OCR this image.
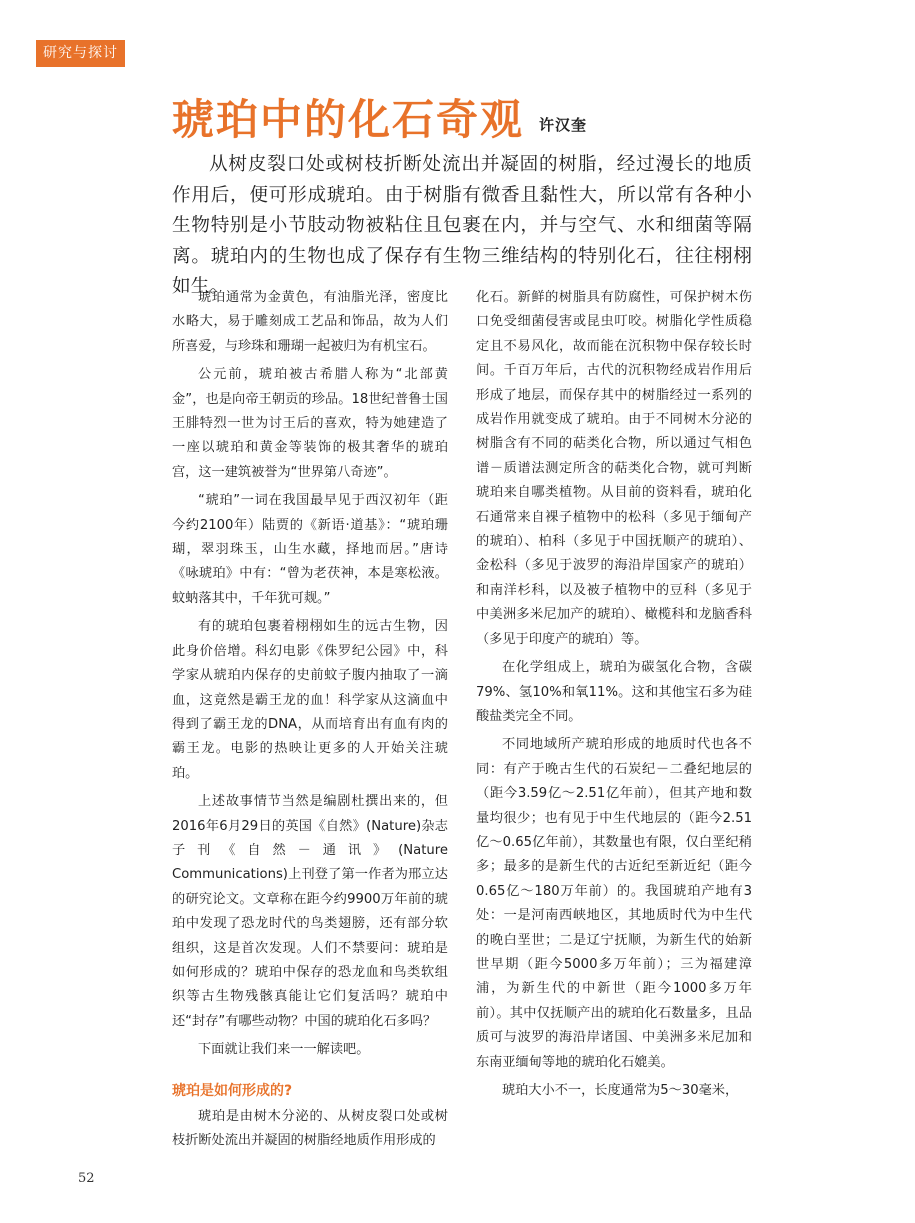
研究与探讨
琥珀中的化石奇观 许汉奎

从树皮裂口处或树枝折断处流出并凝固的树脂，经过漫长的地质作用后，便可形成琥珀。由于树脂有微香且黏性大，所以常有各种小生物特别是小节肢动物被粘住且包裹在内，并与空气、水和细菌等隔离。琥珀内的生物也成了保存有生物三维结构的特别化石，往往栩栩如生。

琥珀通常为金黄色，有油脂光泽，密度比水略大，易于雕刻成工艺品和饰品，故为人们所喜爱，与珍珠和珊瑚一起被归为有机宝石。

公元前，琥珀被古希腊人称为“北部黄金”，也是向帝王朝贡的珍品。18世纪普鲁士国王腓特烈一世为讨王后的喜欢，特为她建造了一座以琥珀和黄金等装饰的极其奢华的琥珀宫，这一建筑被誉为“世界第八奇迹”。

“琥珀”一词在我国最早见于西汉初年（距今约2100年）陆贾的《新语·道基》：“琥珀珊瑚，翠羽珠玉，山生水藏，择地而居。”唐诗《咏琥珀》中有：“曾为老茯神，本是寒松液。蚊蚋落其中，千年犹可觌。”

有的琥珀包裹着栩栩如生的远古生物，因此身价倍增。科幻电影《侏罗纪公园》中，科学家从琥珀内保存的史前蚊子腹内抽取了一滴血，这竟然是霸王龙的血！科学家从这滴血中得到了霸王龙的DNA，从而培育出有血有肉的霸王龙。电影的热映让更多的人开始关注琥珀。

上述故事情节当然是编剧杜撰出来的，但2016年6月29日的英国《自然》(Nature)杂志子刊《自然－通讯》(Nature Communications)上刊登了第一作者为邢立达的研究论文。文章称在距今约9900万年前的琥珀中发现了恐龙时代的鸟类翅膀，还有部分软组织，这是首次发现。人们不禁要问：琥珀是如何形成的？琥珀中保存的恐龙血和鸟类软组织等古生物残骸真能让它们复活吗？琥珀中还“封存”有哪些动物？中国的琥珀化石多吗？

下面就让我们来一一解读吧。

琥珀是如何形成的?

琥珀是由树木分泌的、从树皮裂口处或树枝折断处流出并凝固的树脂经地质作用形成的

化石。新鲜的树脂具有防腐性，可保护树木伤口免受细菌侵害或昆虫叮咬。树脂化学性质稳定且不易风化，故而能在沉积物中保存较长时间。千百万年后，古代的沉积物经成岩作用后形成了地层，而保存其中的树脂经过一系列的成岩作用就变成了琥珀。由于不同树木分泌的树脂含有不同的萜类化合物，所以通过气相色谱－质谱法测定所含的萜类化合物，就可判断琥珀来自哪类植物。从目前的资料看，琥珀化石通常来自裸子植物中的松科（多见于缅甸产的琥珀）、柏科（多见于中国抚顺产的琥珀）、金松科（多见于波罗的海沿岸国家产的琥珀）和南洋杉科，以及被子植物中的豆科（多见于中美洲多米尼加产的琥珀）、橄榄科和龙脑香科（多见于印度产的琥珀）等。

在化学组成上，琥珀为碳氢化合物，含碳79%、氢10%和氧11%。这和其他宝石多为硅酸盐类完全不同。

不同地域所产琥珀形成的地质时代也各不同：有产于晚古生代的石炭纪－二叠纪地层的（距今3.59亿～2.51亿年前），但其产地和数量均很少；也有见于中生代地层的（距今2.51亿～0.65亿年前），其数量也有限，仅白垩纪稍多；最多的是新生代的古近纪至新近纪（距今0.65亿～180万年前）的。我国琥珀产地有3处：一是河南西峡地区，其地质时代为中生代的晚白垩世；二是辽宁抚顺，为新生代的始新世早期（距今5000多万年前）；三为福建漳浦，为新生代的中新世（距今1000多万年前）。其中仅抚顺产出的琥珀化石数量多，且品质可与波罗的海沿岸诸国、中美洲多米尼加和东南亚缅甸等地的琥珀化石媲美。

琥珀大小不一，长度通常为5～30毫米，

52
